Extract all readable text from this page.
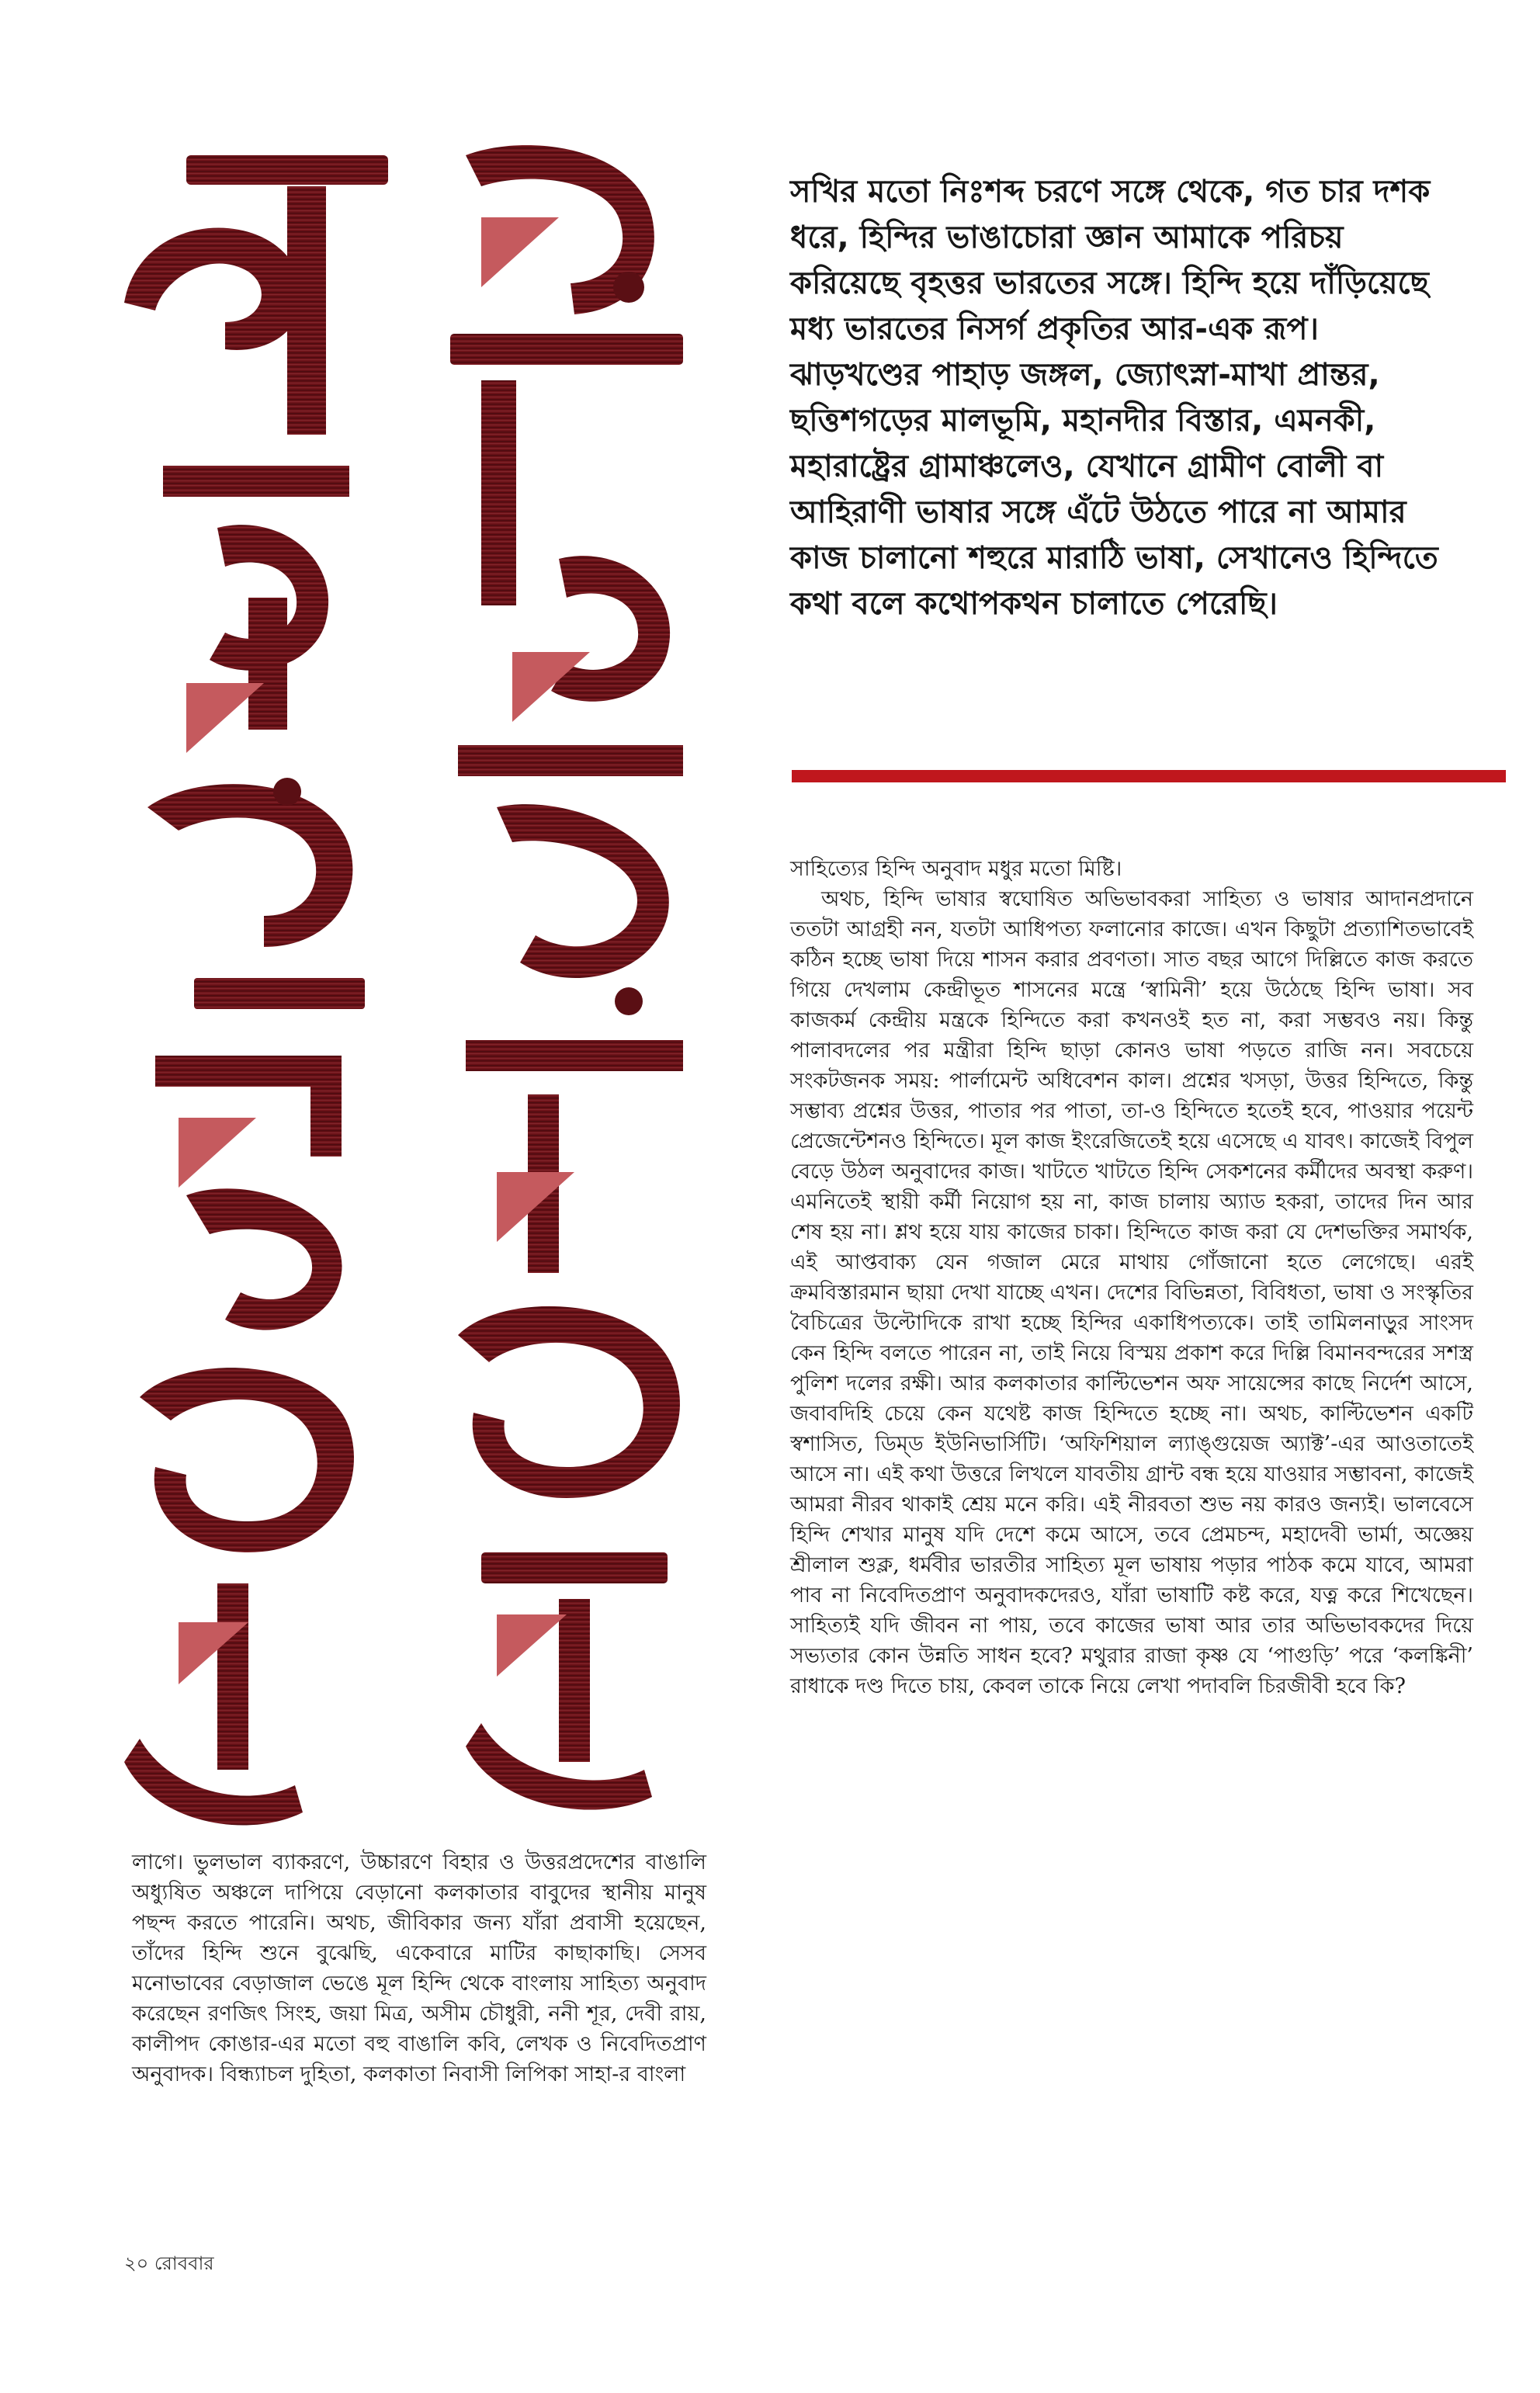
সখির মতো নিঃশব্দ চরণে সঙ্গে থেকে, গত চার দশক ধরে, হিন্দির ভাঙাচোরা জ্ঞান আমাকে পরিচয় করিয়েছে বৃহত্তর ভারতের সঙ্গে। হিন্দি হয়ে দাঁড়িয়েছে মধ্য ভারতের নিসর্গ প্রকৃতির আর-এক রূপ। ঝাড়খণ্ডের পাহাড় জঙ্গল, জ্যোৎস্না-মাখা প্রান্তর, ছত্তিশগড়ের মালভূমি, মহানদীর বিস্তার, এমনকী, মহারাষ্ট্রের গ্রামাঞ্চলেও, যেখানে গ্রামীণ বোলী বা আহিরাণী ভাষার সঙ্গে এঁটে উঠতে পারে না আমার কাজ চালানো শহুরে মারাঠি ভাষা, সেখানেও হিন্দিতে কথা বলে কথোপকথন চালাতে পেরেছি।

সাহিত্যের হিন্দি অনুবাদ মধুর মতো মিষ্টি।

অথচ, হিন্দি ভাষার স্বঘোষিত অভিভাবকরা সাহিত্য ও ভাষার আদানপ্রদানে ততটা আগ্রহী নন, যতটা আধিপত্য ফলানোর কাজে। এখন কিছুটা প্রত্যাশিতভাবেই কঠিন হচ্ছে ভাষা দিয়ে শাসন করার প্রবণতা। সাত বছর আগে দিল্লিতে কাজ করতে গিয়ে দেখলাম কেন্দ্রীভূত শাসনের মন্ত্রে ‘স্বামিনী’ হয়ে উঠেছে হিন্দি ভাষা। সব কাজকর্ম কেন্দ্রীয় মন্ত্রকে হিন্দিতে করা কখনওই হত না, করা সম্ভবও নয়। কিন্তু পালাবদলের পর মন্ত্রীরা হিন্দি ছাড়া কোনও ভাষা পড়তে রাজি নন। সবচেয়ে সংকটজনক সময়: পার্লামেন্ট অধিবেশন কাল। প্রশ্নের খসড়া, উত্তর হিন্দিতে, কিন্তু সম্ভাব্য প্রশ্নের উত্তর, পাতার পর পাতা, তা-ও হিন্দিতে হতেই হবে, পাওয়ার পয়েন্ট প্রেজেন্টেশনও হিন্দিতে। মূল কাজ ইংরেজিতেই হয়ে এসেছে এ যাবৎ। কাজেই বিপুল বেড়ে উঠল অনুবাদের কাজ। খাটতে খাটতে হিন্দি সেকশনের কর্মীদের অবস্থা করুণ। এমনিতেই স্থায়ী কর্মী নিয়োগ হয় না, কাজ চালায় অ্যাড হকরা, তাদের দিন আর শেষ হয় না। শ্লথ হয়ে যায় কাজের চাকা। হিন্দিতে কাজ করা যে দেশভক্তির সমার্থক, এই আপ্তবাক্য যেন গজাল মেরে মাথায় গোঁজানো হতে লেগেছে। এরই ক্রমবিস্তারমান ছায়া দেখা যাচ্ছে এখন। দেশের বিভিন্নতা, বিবিধতা, ভাষা ও সংস্কৃতির বৈচিত্রের উল্টোদিকে রাখা হচ্ছে হিন্দির একাধিপত্যকে। তাই তামিলনাড়ুর সাংসদ কেন হিন্দি বলতে পারেন না, তাই নিয়ে বিস্ময় প্রকাশ করে দিল্লি বিমানবন্দরের সশস্ত্র পুলিশ দলের রক্ষী। আর কলকাতার কাল্টিভেশন অফ সায়েন্সের কাছে নির্দেশ আসে, জবাবদিহি চেয়ে কেন যথেষ্ট কাজ হিন্দিতে হচ্ছে না। অথচ, কাল্টিভেশন একটি স্বশাসিত, ডিম্ড ইউনিভার্সিটি। ‘অফিশিয়াল ল্যাঙ্গুয়েজ অ্যাক্ট’-এর আওতাতেই আসে না। এই কথা উত্তরে লিখলে যাবতীয় গ্রান্ট বন্ধ হয়ে যাওয়ার সম্ভাবনা, কাজেই আমরা নীরব থাকাই শ্রেয় মনে করি। এই নীরবতা শুভ নয় কারও জন্যই। ভালবেসে হিন্দি শেখার মানুষ যদি দেশে কমে আসে, তবে প্রেমচন্দ, মহাদেবী ভার্মা, অজ্ঞেয় শ্রীলাল শুক্ল, ধর্মবীর ভারতীর সাহিত্য মূল ভাষায় পড়ার পাঠক কমে যাবে, আমরা পাব না নিবেদিতপ্রাণ অনুবাদকদেরও, যাঁরা ভাষাটি কষ্ট করে, যত্ন করে শিখেছেন। সাহিত্যই যদি জীবন না পায়, তবে কাজের ভাষা আর তার অভিভাবকদের দিয়ে সভ্যতার কোন উন্নতি সাধন হবে? মথুরার রাজা কৃষ্ণ যে ‘পাগুড়ি’ পরে ‘কলঙ্কিনী’ রাধাকে দণ্ড দিতে চায়, কেবল তাকে নিয়ে লেখা পদাবলি চিরজীবী হবে কি?

লাগে। ভুলভাল ব্যাকরণে, উচ্চারণে বিহার ও উত্তরপ্রদেশের বাঙালি অধ্যুষিত অঞ্চলে দাপিয়ে বেড়ানো কলকাতার বাবুদের স্থানীয় মানুষ পছন্দ করতে পারেনি। অথচ, জীবিকার জন্য যাঁরা প্রবাসী হয়েছেন, তাঁদের হিন্দি শুনে বুঝেছি, একেবারে মাটির কাছাকাছি। সেসব মনোভাবের বেড়াজাল ভেঙে মূল হিন্দি থেকে বাংলায় সাহিত্য অনুবাদ করেছেন রণজিৎ সিংহ, জয়া মিত্র, অসীম চৌধুরী, ননী শূর, দেবী রায়, কালীপদ কোঙার-এর মতো বহু বাঙালি কবি, লেখক ও নিবেদিতপ্রাণ অনুবাদক। বিন্ধ্যাচল দুহিতা, কলকাতা নিবাসী লিপিকা সাহা-র বাংলা

২০ রোববার
